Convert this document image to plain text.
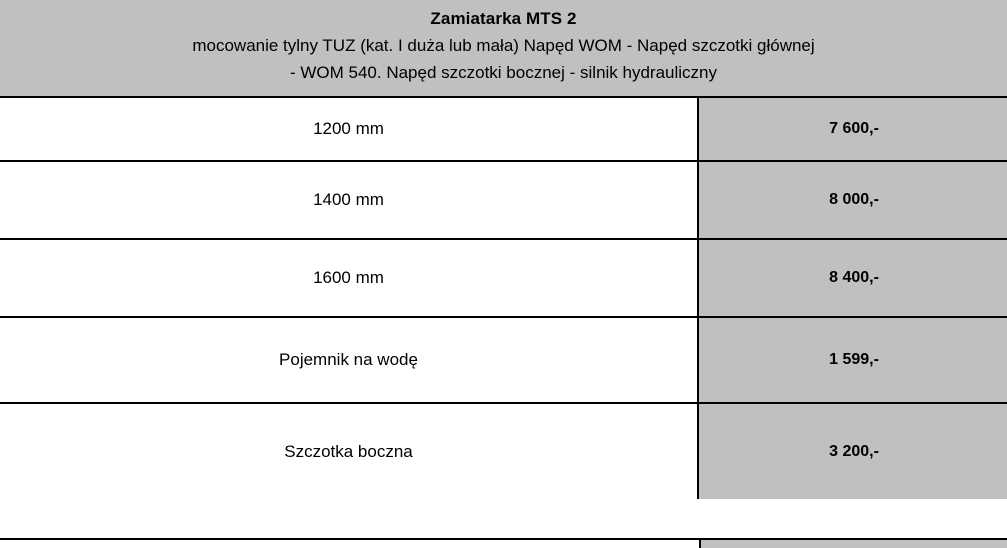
Zamiatarka MTS 2
mocowanie tylny TUZ (kat. I duża lub mała) Napęd WOM - Napęd szczotki głównej
- WOM 540. Napęd szczotki bocznej - silnik hydrauliczny
1200 mm	7 600,-

1400 mm	8 000,-

1600 mm	8 400,-

Pojemnik na wodę	1 599,-

Szczotka boczna	3 200,-
